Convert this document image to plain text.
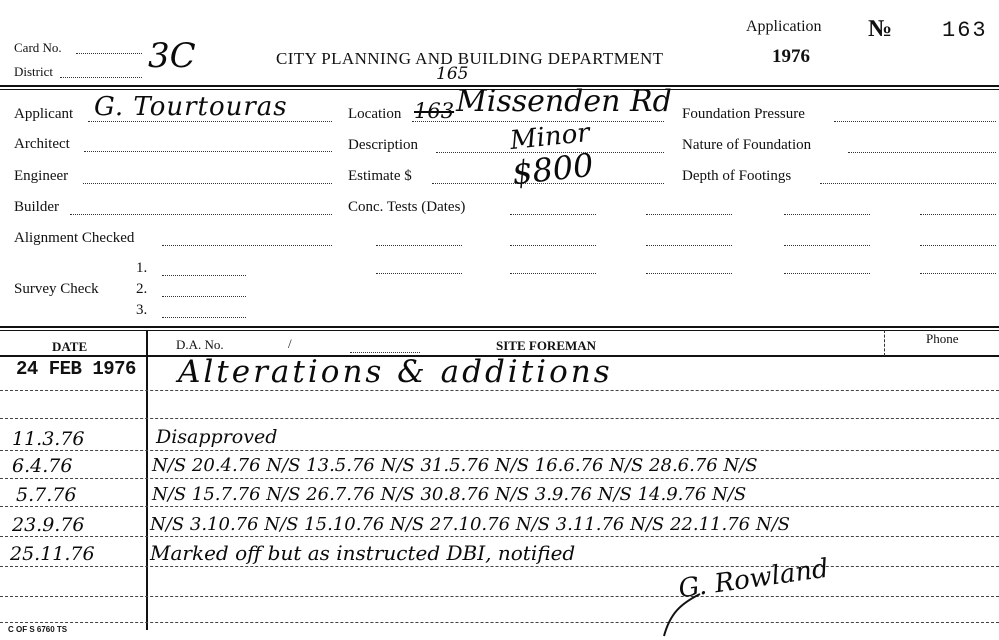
Card No.	3C
District
CITY PLANNING AND BUILDING DEPARTMENT
Application № 163
1976
165
Applicant G. Tourtouras
Architect
Engineer
Builder
Alignment Checked
Survey Check
1.
2.
3.
Location 163 Missenden Rd
Description	Minor
Estimate $	$800
Conc. Tests (Dates)
Foundation Pressure
Nature of Foundation
Depth of Footings
DATE	D.A. No.	/	SITE FOREMAN	Phone
24 FEB 1976 Alterations & additions
11.3.76	Disapproved
6.4.76	N/S 20.4.76 N/S 13.5.76 N/S 31.5.76 N/S 16.6.76 N/S 28.6.76 N/S
5.7.76	N/S 15.7.76 N/S 26.7.76 N/S 30.8.76 N/S 3.9.76 N/S 14.9.76 N/S
23.9.76	N/S 3.10.76 N/S 15.10.76 N/S 27.10.76 N/S 3.11.76 N/S 22.11.76 N/S
25.11.76	Marked off but as instructed DBI, notified
G. Rowland
C OF S 6760 TS
